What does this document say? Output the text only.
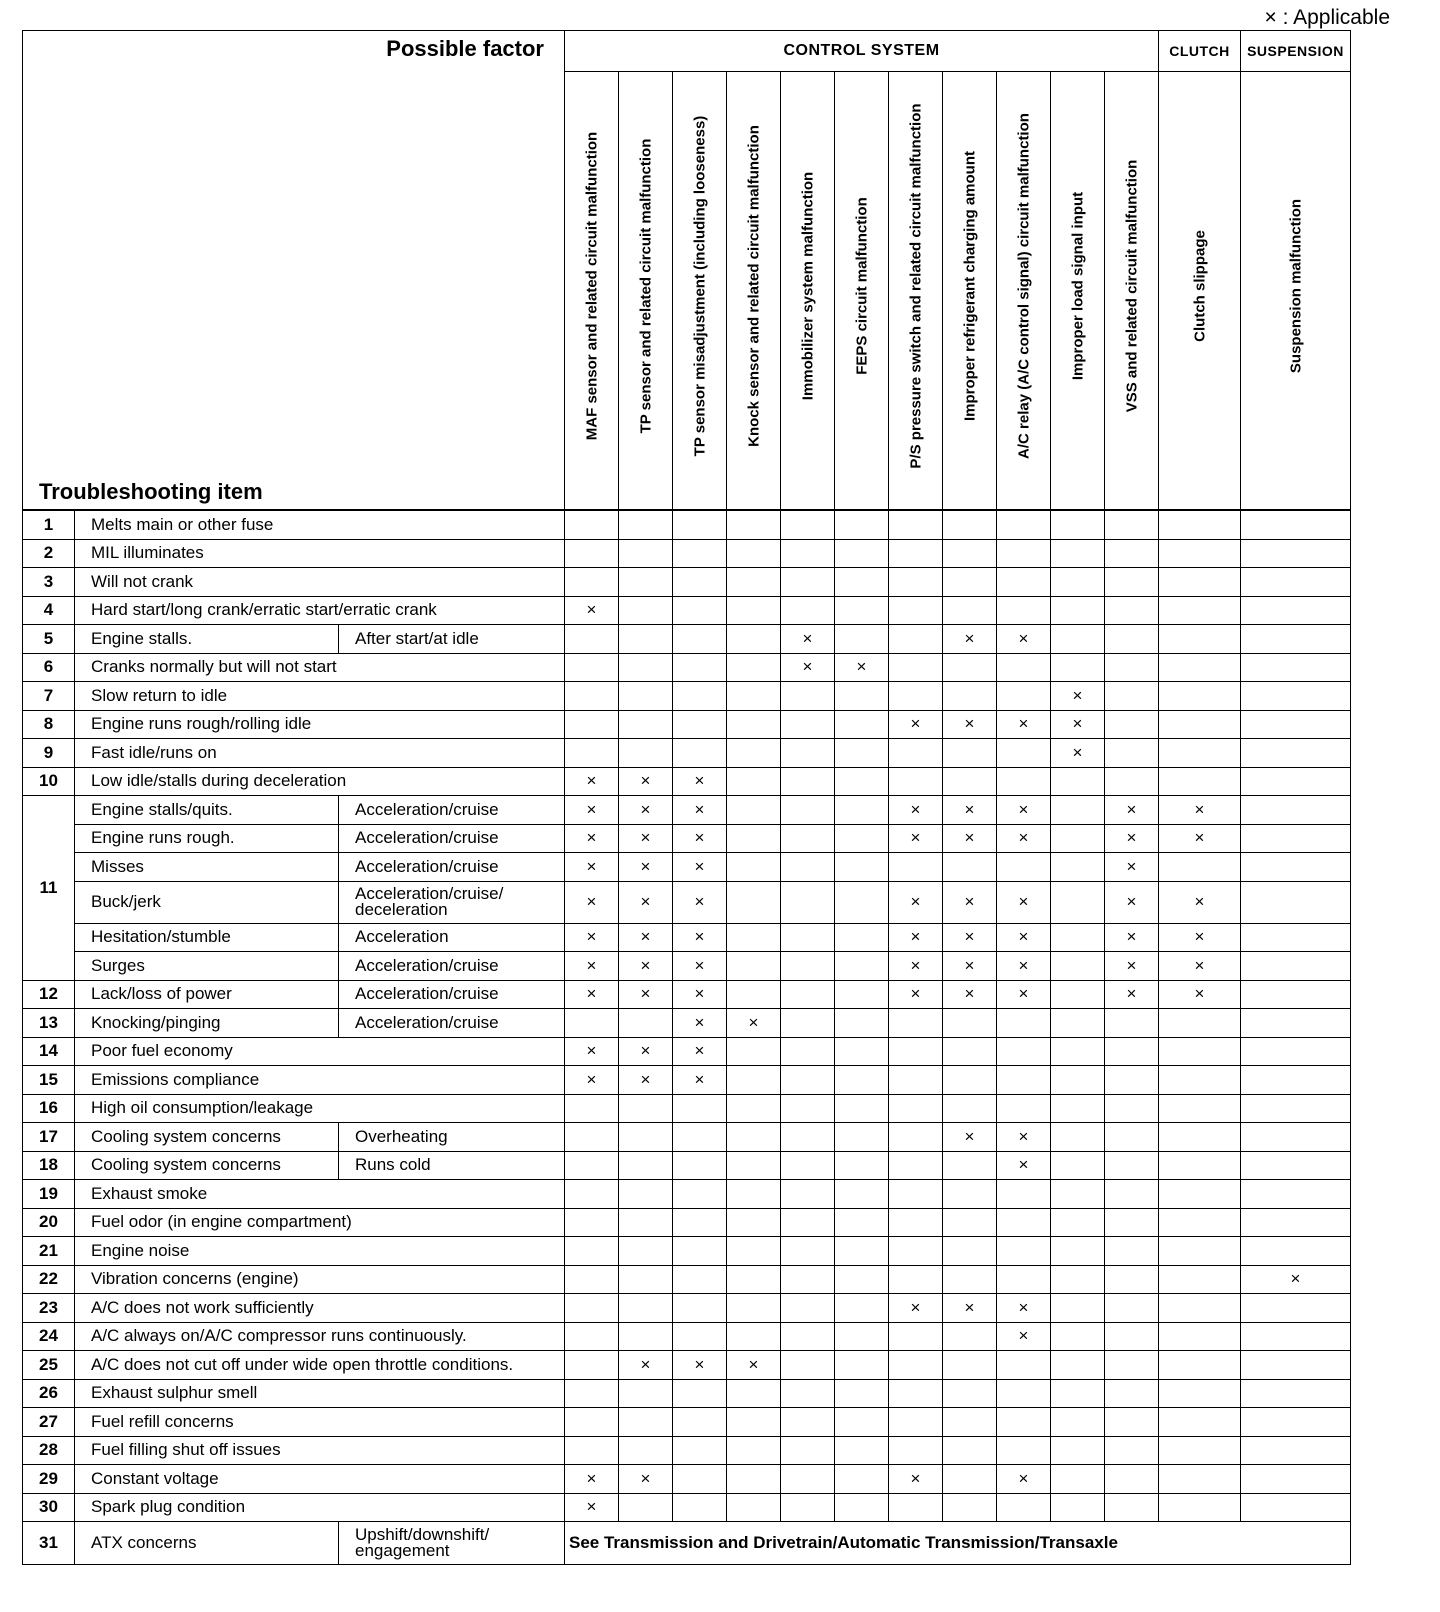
× : Applicable
Possible factor
Troubleshooting item			CONTROL SYSTEM											CLUTCH	SUSPENSION

			MAF sensor and related circuit malfunction	TP sensor and related circuit malfunction	TP sensor misadjustment (including looseness)	Knock sensor and related circuit malfunction	Immobilizer system malfunction	FEPS circuit malfunction	P/S pressure switch and related circuit malfunction	Improper refrigerant charging amount	A/C relay (A/C control signal) circuit malfunction	Improper load signal input	VSS and related circuit malfunction	Clutch slippage	Suspension malfunction

1	Melts main or other fuse														
2	MIL illuminates														
3	Will not crank														
4	Hard start/long crank/erratic start/erratic crank		×												
5	Engine stalls.	After start/at idle					×			×	×				
6	Cranks normally but will not start						×	×							
7	Slow return to idle											×			
8	Engine runs rough/rolling idle								×	×	×	×			
9	Fast idle/runs on											×			
10	Low idle/stalls during deceleration		×	×	×										
11	Engine stalls/quits.	Acceleration/cruise	×	×	×				×	×	×		×	×	
	Engine runs rough.	Acceleration/cruise	×	×	×				×	×	×		×	×	
	Misses	Acceleration/cruise	×	×	×								×		
	Buck/jerk	Acceleration/cruise/ deceleration	×	×	×				×	×	×		×	×	
	Hesitation/stumble	Acceleration	×	×	×				×	×	×		×	×	
	Surges	Acceleration/cruise	×	×	×				×	×	×		×	×	
12	Lack/loss of power	Acceleration/cruise	×	×	×				×	×	×		×	×	
13	Knocking/pinging	Acceleration/cruise			×	×									
14	Poor fuel economy		×	×	×										
15	Emissions compliance		×	×	×										
16	High oil consumption/leakage														
17	Cooling system concerns	Overheating								×	×				
18	Cooling system concerns	Runs cold									×				
19	Exhaust smoke														
20	Fuel odor (in engine compartment)														
21	Engine noise														
22	Vibration concerns (engine)														×
23	A/C does not work sufficiently								×	×	×				
24	A/C always on/A/C compressor runs continuously.										×				
25	A/C does not cut off under wide open throttle conditions.			×	×	×									
26	Exhaust sulphur smell														
27	Fuel refill concerns														
28	Fuel filling shut off issues														
29	Constant voltage		×	×					×		×				
30	Spark plug condition		×												
31	ATX concerns	Upshift/downshift/ engagement	See Transmission and Drivetrain/Automatic Transmission/Transaxle												
